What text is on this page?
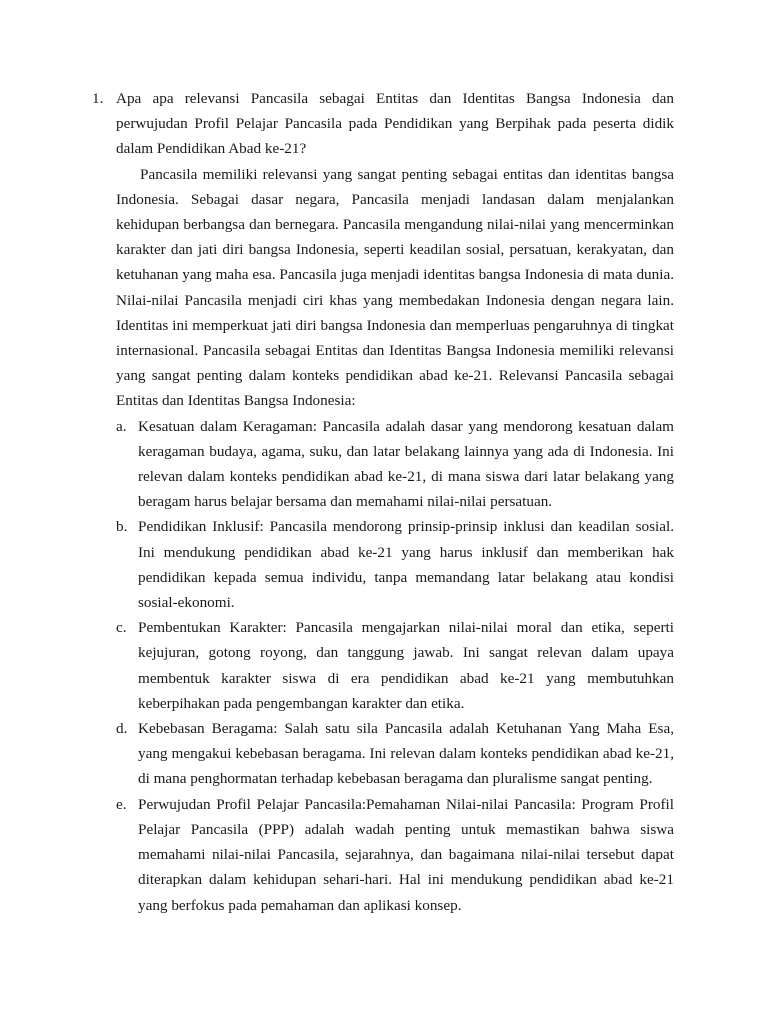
1. Apa apa relevansi Pancasila sebagai Entitas dan Identitas Bangsa Indonesia dan perwujudan Profil Pelajar Pancasila pada Pendidikan yang Berpihak pada peserta didik dalam Pendidikan Abad ke-21?

Pancasila memiliki relevansi yang sangat penting sebagai entitas dan identitas bangsa Indonesia. Sebagai dasar negara, Pancasila menjadi landasan dalam menjalankan kehidupan berbangsa dan bernegara. Pancasila mengandung nilai-nilai yang mencerminkan karakter dan jati diri bangsa Indonesia, seperti keadilan sosial, persatuan, kerakyatan, dan ketuhanan yang maha esa. Pancasila juga menjadi identitas bangsa Indonesia di mata dunia. Nilai-nilai Pancasila menjadi ciri khas yang membedakan Indonesia dengan negara lain. Identitas ini memperkuat jati diri bangsa Indonesia dan memperluas pengaruhnya di tingkat internasional. Pancasila sebagai Entitas dan Identitas Bangsa Indonesia memiliki relevansi yang sangat penting dalam konteks pendidikan abad ke-21. Relevansi Pancasila sebagai Entitas dan Identitas Bangsa Indonesia:

a. Kesatuan dalam Keragaman: Pancasila adalah dasar yang mendorong kesatuan dalam keragaman budaya, agama, suku, dan latar belakang lainnya yang ada di Indonesia. Ini relevan dalam konteks pendidikan abad ke-21, di mana siswa dari latar belakang yang beragam harus belajar bersama dan memahami nilai-nilai persatuan.
b. Pendidikan Inklusif: Pancasila mendorong prinsip-prinsip inklusi dan keadilan sosial. Ini mendukung pendidikan abad ke-21 yang harus inklusif dan memberikan hak pendidikan kepada semua individu, tanpa memandang latar belakang atau kondisi sosial-ekonomi.
c. Pembentukan Karakter: Pancasila mengajarkan nilai-nilai moral dan etika, seperti kejujuran, gotong royong, dan tanggung jawab. Ini sangat relevan dalam upaya membentuk karakter siswa di era pendidikan abad ke-21 yang membutuhkan keberpihakan pada pengembangan karakter dan etika.
d. Kebebasan Beragama: Salah satu sila Pancasila adalah Ketuhanan Yang Maha Esa, yang mengakui kebebasan beragama. Ini relevan dalam konteks pendidikan abad ke-21, di mana penghormatan terhadap kebebasan beragama dan pluralisme sangat penting.
e. Perwujudan Profil Pelajar Pancasila:Pemahaman Nilai-nilai Pancasila: Program Profil Pelajar Pancasila (PPP) adalah wadah penting untuk memastikan bahwa siswa memahami nilai-nilai Pancasila, sejarahnya, dan bagaimana nilai-nilai tersebut dapat diterapkan dalam kehidupan sehari-hari. Hal ini mendukung pendidikan abad ke-21 yang berfokus pada pemahaman dan aplikasi konsep.
